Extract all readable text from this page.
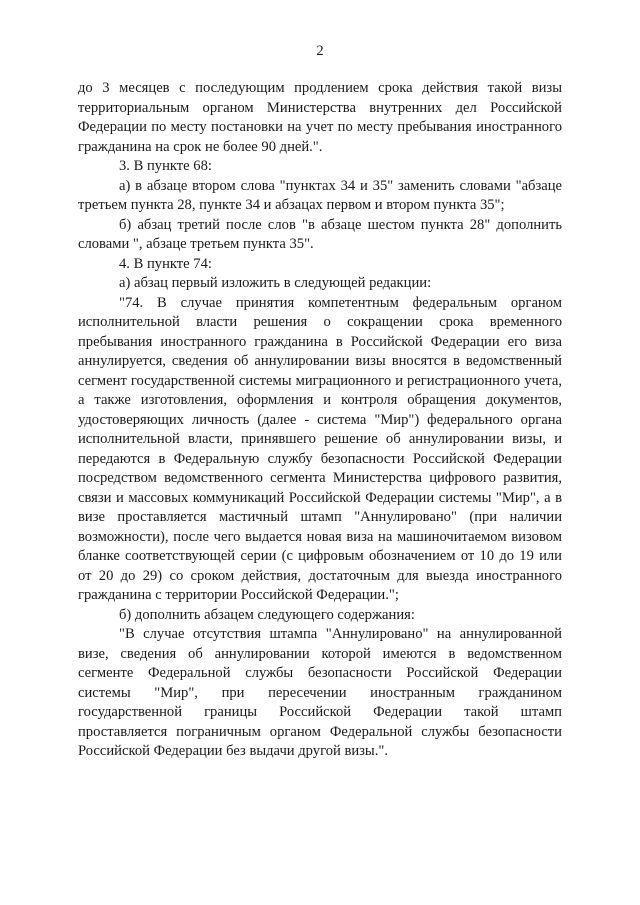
2

до 3 месяцев с последующим продлением срока действия такой визы территориальным органом Министерства внутренних дел Российской Федерации по месту постановки на учет по месту пребывания иностранного гражданина на срок не более 90 дней.".

3. В пункте 68:

а) в абзаце втором слова "пунктах 34 и 35" заменить словами "абзаце третьем пункта 28, пункте 34 и абзацах первом и втором пункта 35";

б) абзац третий после слов "в абзаце шестом пункта 28" дополнить словами ", абзаце третьем пункта 35".

4. В пункте 74:

а) абзац первый изложить в следующей редакции:

"74. В случае принятия компетентным федеральным органом исполнительной власти решения о сокращении срока временного пребывания иностранного гражданина в Российской Федерации его виза аннулируется, сведения об аннулировании визы вносятся в ведомственный сегмент государственной системы миграционного и регистрационного учета, а также изготовления, оформления и контроля обращения документов, удостоверяющих личность (далее - система "Мир") федерального органа исполнительной власти, принявшего решение об аннулировании визы, и передаются в Федеральную службу безопасности Российской Федерации посредством ведомственного сегмента Министерства цифрового развития, связи и массовых коммуникаций Российской Федерации системы "Мир", а в визе проставляется мастичный штамп "Аннулировано" (при наличии возможности), после чего выдается новая виза на машиночитаемом визовом бланке соответствующей серии (с цифровым обозначением от 10 до 19 или от 20 до 29) со сроком действия, достаточным для выезда иностранного гражданина с территории Российской Федерации.";

б) дополнить абзацем следующего содержания:

"В случае отсутствия штампа "Аннулировано" на аннулированной визе, сведения об аннулировании которой имеются в ведомственном сегменте Федеральной службы безопасности Российской Федерации системы "Мир", при пересечении иностранным гражданином государственной границы Российской Федерации такой штамп проставляется пограничным органом Федеральной службы безопасности Российской Федерации без выдачи другой визы.".
